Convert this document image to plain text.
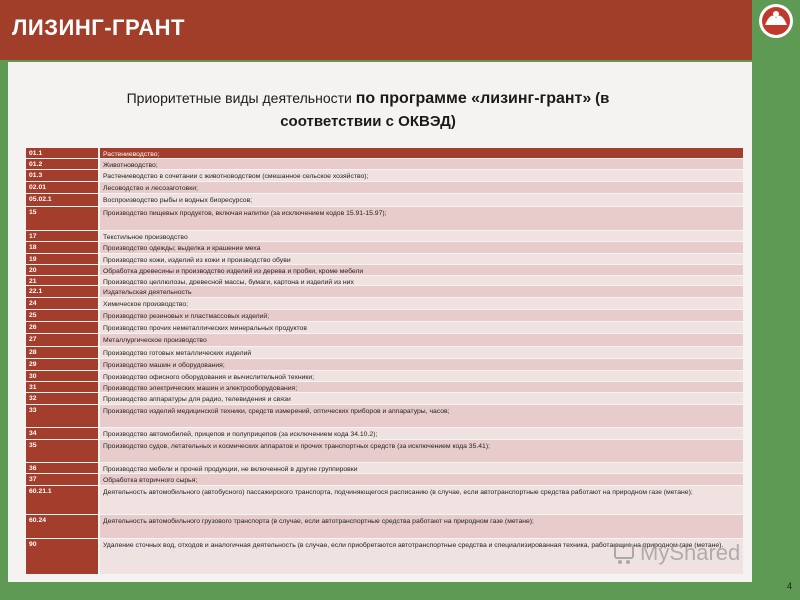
ЛИЗИНГ-ГРАНТ
Приоритетные виды деятельности по программе «лизинг-грант» (в
соответствии с ОКВЭД)
01.1	Растениеводство;
01.2	Животноводство;
01.3	Растениеводство в сочетании с животноводством (смешанное сельское хозяйство);
02.01	Лесоводство и лесозаготовки;
05.02.1	Воспроизводство рыбы и водных биоресурсов;
15	Производство пищевых продуктов, включая напитки (за исключением кодов 15.91-15.97);
17	Текстильное производство
18	Производство одежды; выделка и крашение меха
19	Производство кожи, изделий из кожи и производство обуви
20	Обработка древесины и производство изделий из дерева и пробки, кроме мебели
21	Производство целлюлозы, древесной массы, бумаги, картона и изделий из них
22.1	Издательская деятельность
24	Химическое производство;
25	Производство резиновых и пластмассовых изделий;
26	Производство прочих неметаллических минеральных продуктов
27	Металлургическое производство
28	Производство готовых металлических изделий
29	Производство машин и оборудования;
30	Производство офисного оборудования и вычислительной техники;
31	Производство электрических машин и электрооборудования;
32	Производство аппаратуры для радио, телевидения и связи
33	Производство изделий медицинской техники, средств измерений, оптических приборов и аппаратуры, часов;
34	Производство автомобилей, прицепов и полуприцепов (за исключением кода 34.10.2);
35	Производство судов, летательных и космических аппаратов и прочих транспортных средств (за исключением кода 35.41);
36	Производство мебели и прочей продукции, не включенной в другие группировки
37	Обработка вторичного сырья;
60.21.1	Деятельность автомобильного (автобусного) пассажирского транспорта, подчиняющегося расписанию (в случае, если автотранспортные средства работают на природном газе (метане);
60.24	Деятельность автомобильного грузового транспорта (в случае, если автотранспортные средства работают на природном газе (метане);
90	Удаление сточных вод, отходов и аналогичная деятельность (в случае, если приобретаются автотранспортные средства и специализированная техника, работающие на природном газе (метане).
4
MyShared
